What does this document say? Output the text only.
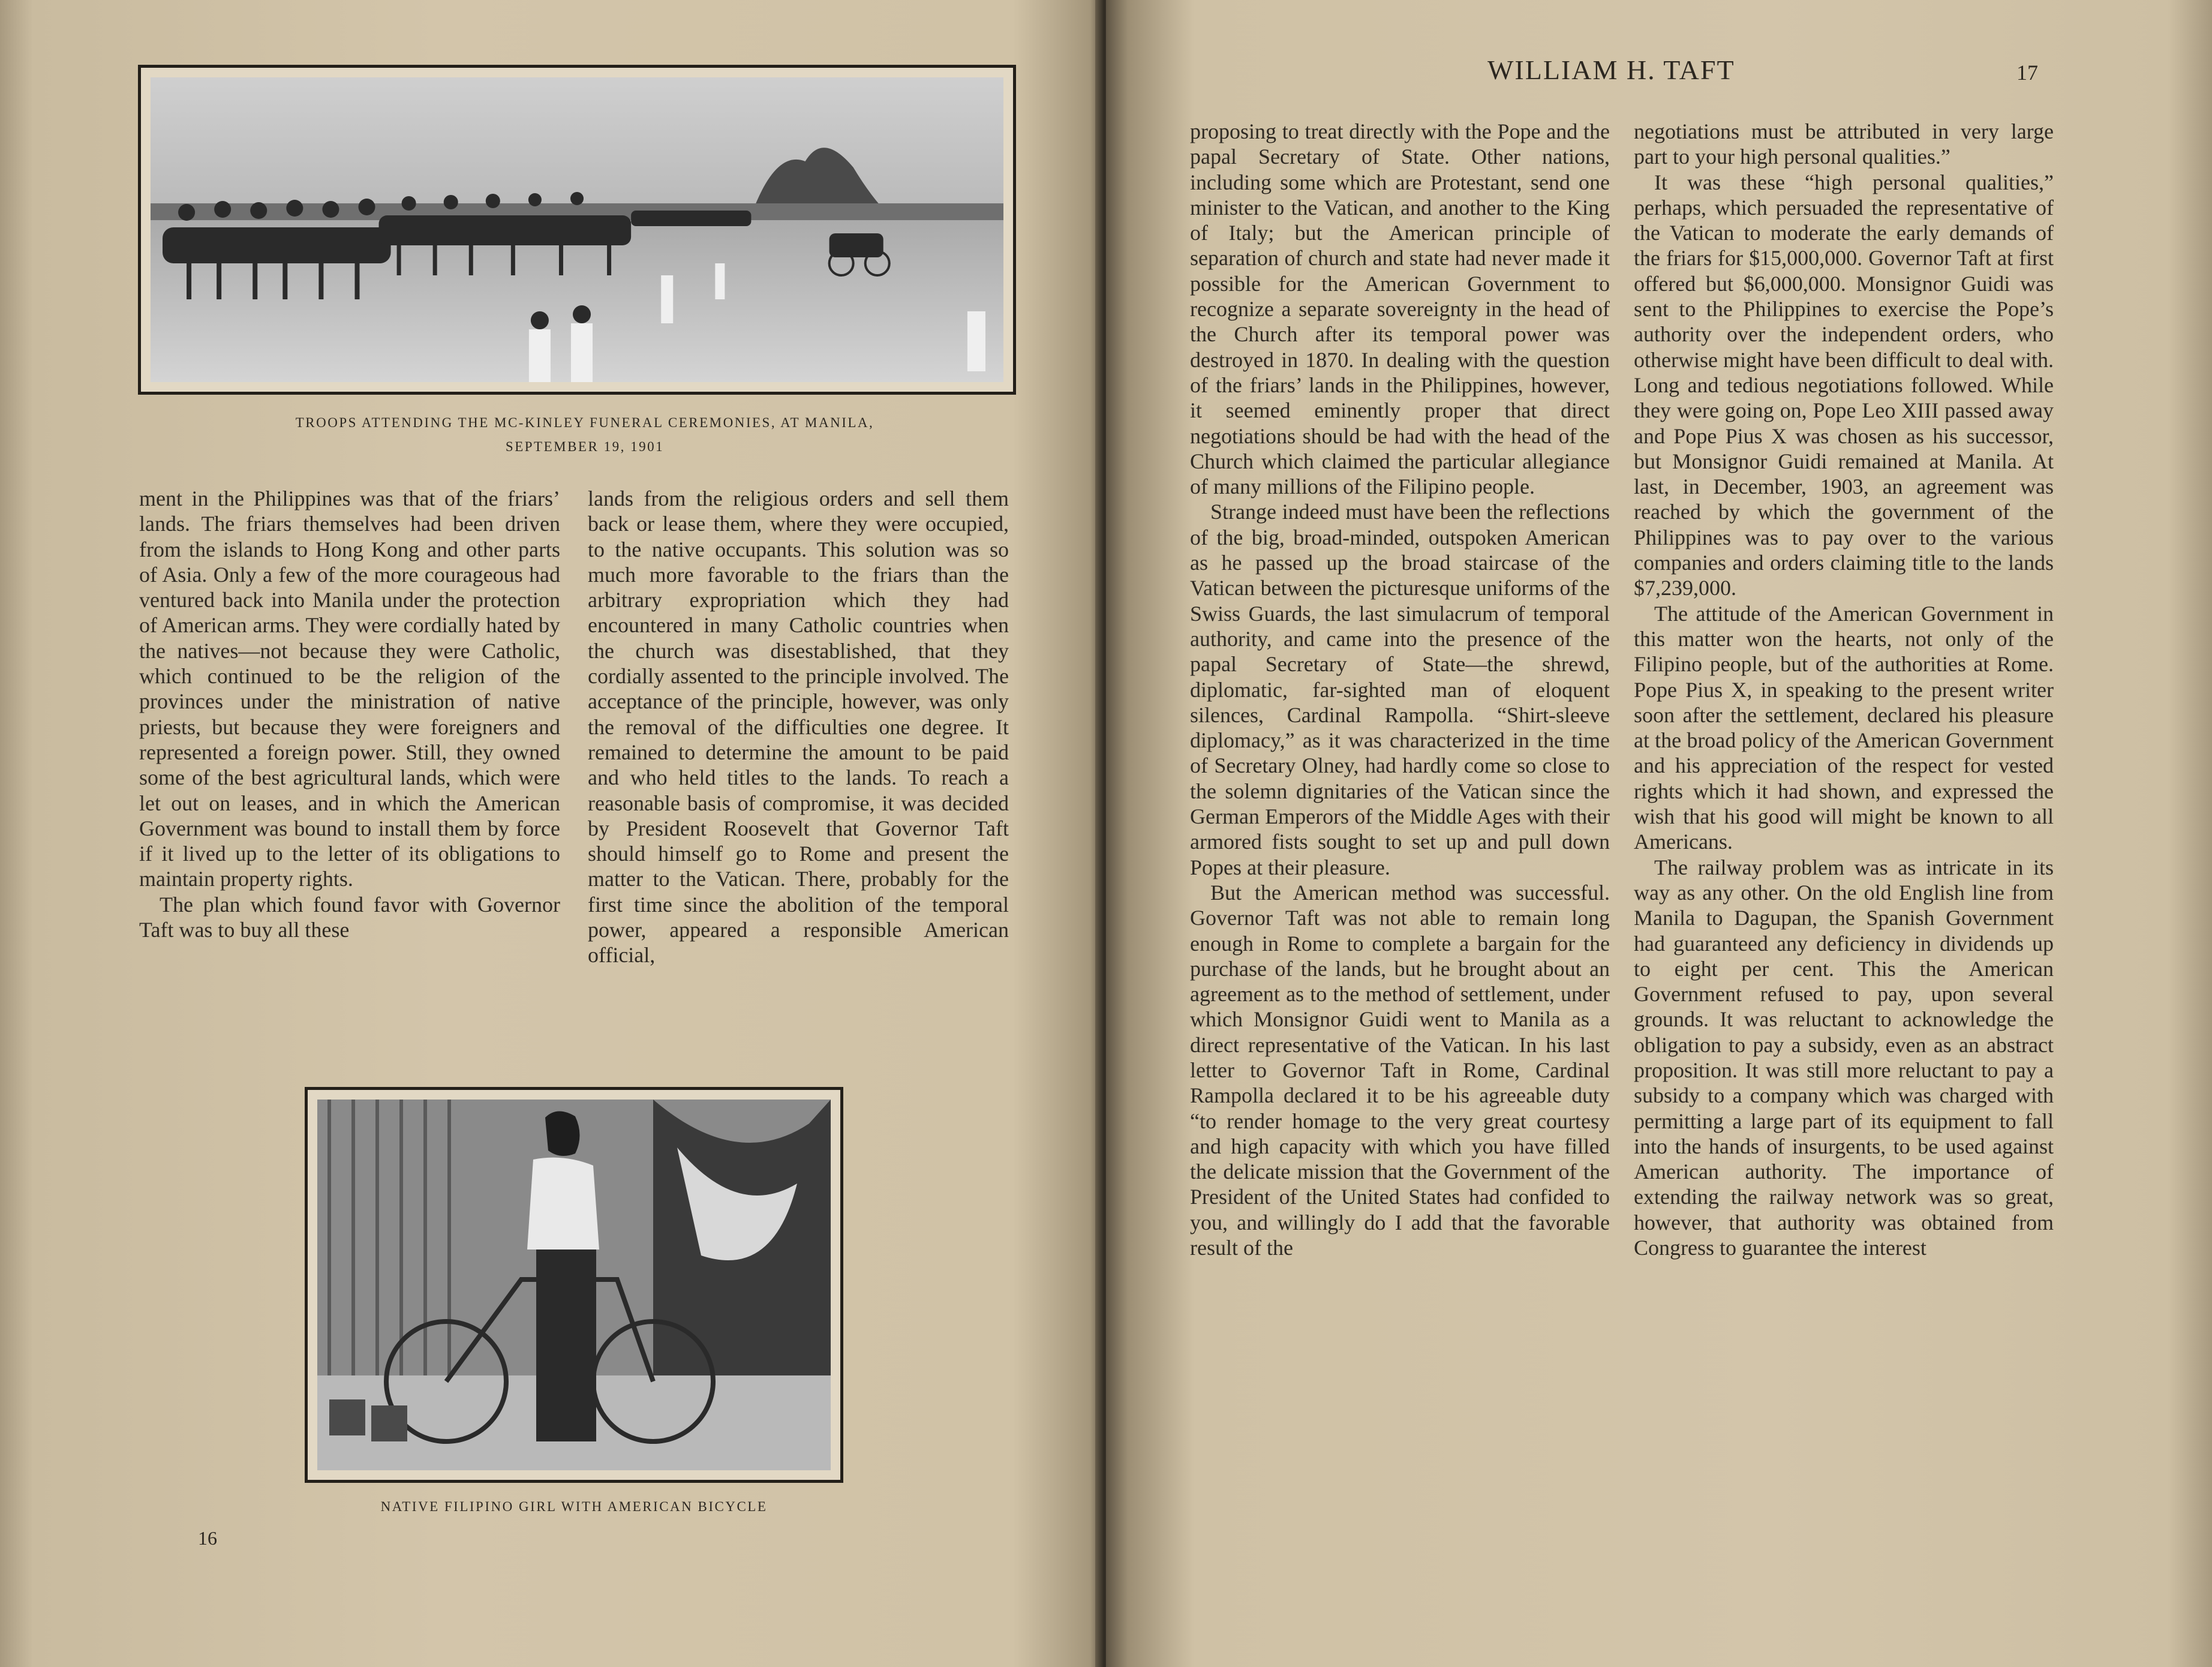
TROOPS ATTENDING THE MC-KINLEY FUNERAL CEREMONIES, AT MANILA, SEPTEMBER 19, 1901

ment in the Philippines was that of the friars’ lands. The friars themselves had been driven from the islands to Hong Kong and other parts of Asia. Only a few of the more courageous had ventured back into Manila under the protection of American arms. They were cordially hated by the natives—not because they were Catholic, which continued to be the religion of the provinces under the ministration of native priests, but because they were foreigners and represented a foreign power. Still, they owned some of the best agricultural lands, which were let out on leases, and in which the American Government was bound to install them by force if it lived up to the letter of its obligations to maintain property rights.

The plan which found favor with Governor Taft was to buy all these

lands from the religious orders and sell them back or lease them, where they were occupied, to the native occupants. This solution was so much more favorable to the friars than the arbitrary expropriation which they had encountered in many Catholic countries when the church was disestablished, that they cordially assented to the principle involved. The acceptance of the principle, however, was only the removal of the difficulties one degree. It remained to determine the amount to be paid and who held titles to the lands. To reach a reasonable basis of compromise, it was decided by President Roosevelt that Governor Taft should himself go to Rome and present the matter to the Vatican. There, probably for the first time since the abolition of the temporal power, appeared a responsible American official,

NATIVE FILIPINO GIRL WITH AMERICAN BICYCLE
16
WILLIAM H. TAFT	17

proposing to treat directly with the Pope and the papal Secretary of State. Other nations, including some which are Protestant, send one minister to the Vatican, and another to the King of Italy; but the American principle of separation of church and state had never made it possible for the American Government to recognize a separate sovereignty in the head of the Church after its temporal power was destroyed in 1870. In dealing with the question of the friars’ lands in the Philippines, however, it seemed eminently proper that direct negotiations should be had with the head of the Church which claimed the particular allegiance of many millions of the Filipino people.

Strange indeed must have been the reflections of the big, broad-minded, outspoken American as he passed up the broad staircase of the Vatican between the picturesque uniforms of the Swiss Guards, the last simulacrum of temporal authority, and came into the presence of the papal Secretary of State—the shrewd, diplomatic, far-sighted man of eloquent silences, Cardinal Rampolla. “Shirt-sleeve diplomacy,” as it was characterized in the time of Secretary Olney, had hardly come so close to the solemn dignitaries of the Vatican since the German Emperors of the Middle Ages with their armored fists sought to set up and pull down Popes at their pleasure.

But the American method was successful. Governor Taft was not able to remain long enough in Rome to complete a bargain for the purchase of the lands, but he brought about an agreement as to the method of settlement, under which Monsignor Guidi went to Manila as a direct representative of the Vatican. In his last letter to Governor Taft in Rome, Cardinal Rampolla declared it to be his agreeable duty “to render homage to the very great courtesy and high capacity with which you have filled the delicate mission that the Government of the President of the United States had confided to you, and willingly do I add that the favorable result of the

negotiations must be attributed in very large part to your high personal qualities.”

It was these “high personal qualities,” perhaps, which persuaded the representative of the Vatican to moderate the early demands of the friars for $15,000,000. Governor Taft at first offered but $6,000,000. Monsignor Guidi was sent to the Philippines to exercise the Pope’s authority over the independent orders, who otherwise might have been difficult to deal with. Long and tedious negotiations followed. While they were going on, Pope Leo XIII passed away and Pope Pius X was chosen as his successor, but Monsignor Guidi remained at Manila. At last, in December, 1903, an agreement was reached by which the government of the Philippines was to pay over to the various companies and orders claiming title to the lands $7,239,000.

The attitude of the American Government in this matter won the hearts, not only of the Filipino people, but of the authorities at Rome. Pope Pius X, in speaking to the present writer soon after the settlement, declared his pleasure at the broad policy of the American Government and his appreciation of the respect for vested rights which it had shown, and expressed the wish that his good will might be known to all Americans.

The railway problem was as intricate in its way as any other. On the old English line from Manila to Dagupan, the Spanish Government had guaranteed any deficiency in dividends up to eight per cent. This the American Government refused to pay, upon several grounds. It was reluctant to acknowledge the obligation to pay a subsidy, even as an abstract proposition. It was still more reluctant to pay a subsidy to a company which was charged with permitting a large part of its equipment to fall into the hands of insurgents, to be used against American authority. The importance of extending the railway network was so great, however, that authority was obtained from Congress to guarantee the interest
